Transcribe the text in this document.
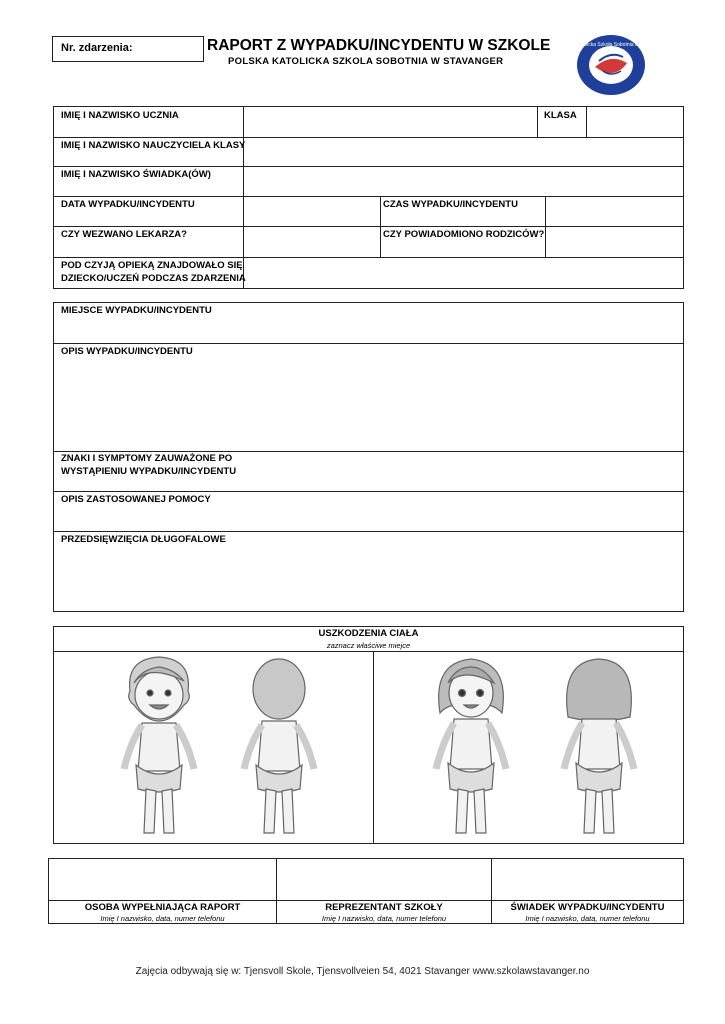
Nr. zdarzenia:	RAPORT Z WYPADKU/INCYDENTU W SZKOLE
POLSKA KATOLICKA SZKOLA SOBOTNIA W STAVANGER
Polska Katolicka Szkoła Sobotnia w Stavanger
IMIĘ I NAZWISKO UCZNIA	KLASA
IMIĘ I NAZWISKO NAUCZYCIELA KLASY
IMIĘ I NAZWISKO ŚWIADKA(ÓW)
DATA WYPADKU/INCYDENTU	CZAS WYPADKU/INCYDENTU
CZY WEZWANO LEKARZA?	CZY POWIADOMIONO RODZICÓW?
POD CZYJĄ OPIEKĄ ZNAJDOWAŁO SIĘ
DZIECKO/UCZEŃ PODCZAS ZDARZENIA
MIEJSCE WYPADKU/INCYDENTU
OPIS WYPADKU/INCYDENTU
ZNAKI I SYMPTOMY ZAUWAŻONE PO
WYSTĄPIENIU WYPADKU/INCYDENTU
OPIS ZASTOSOWANEJ POMOCY
PRZEDSIĘWZIĘCIA DŁUGOFALOWE
USZKODZENIA CIAŁA
zaznacz właściwe miejce
OSOBA WYPEŁNIAJĄCA RAPORT
Imię I nazwisko, data, numer telefonu
REPREZENTANT SZKOŁY
Imię I nazwisko, data, numer telefonu
ŚWIADEK WYPADKU/INCYDENTU
Imię I nazwisko, data, numer telefonu
Zajęcia odbywają się w: Tjensvoll Skole, Tjensvollveien 54, 4021 Stavanger www.szkolawstavanger.no
